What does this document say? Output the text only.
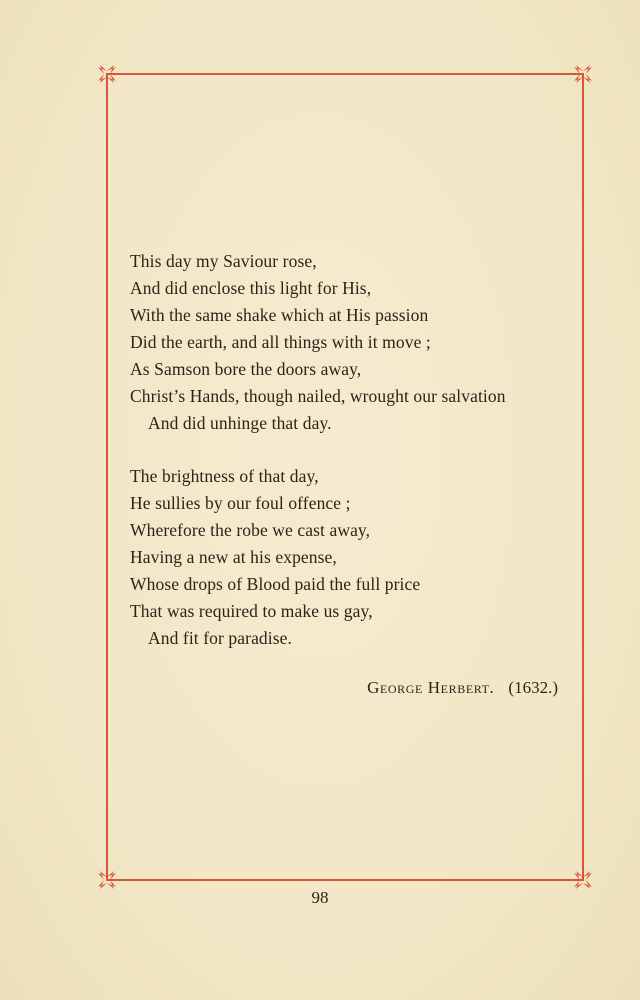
This day my Saviour rose,
And did enclose this light for His,
With the same shake which at His passion
Did the earth, and all things with it move ;
As Samson bore the doors away,
Christ’s Hands, though nailed, wrought our salvation
And did unhinge that day.
The brightness of that day,
He sullies by our foul offence ;
Wherefore the robe we cast away,
Having a new at his expense,
Whose drops of Blood paid the full price
That was required to make us gay,
And fit for paradise.
George Herbert. (1632.)
98
